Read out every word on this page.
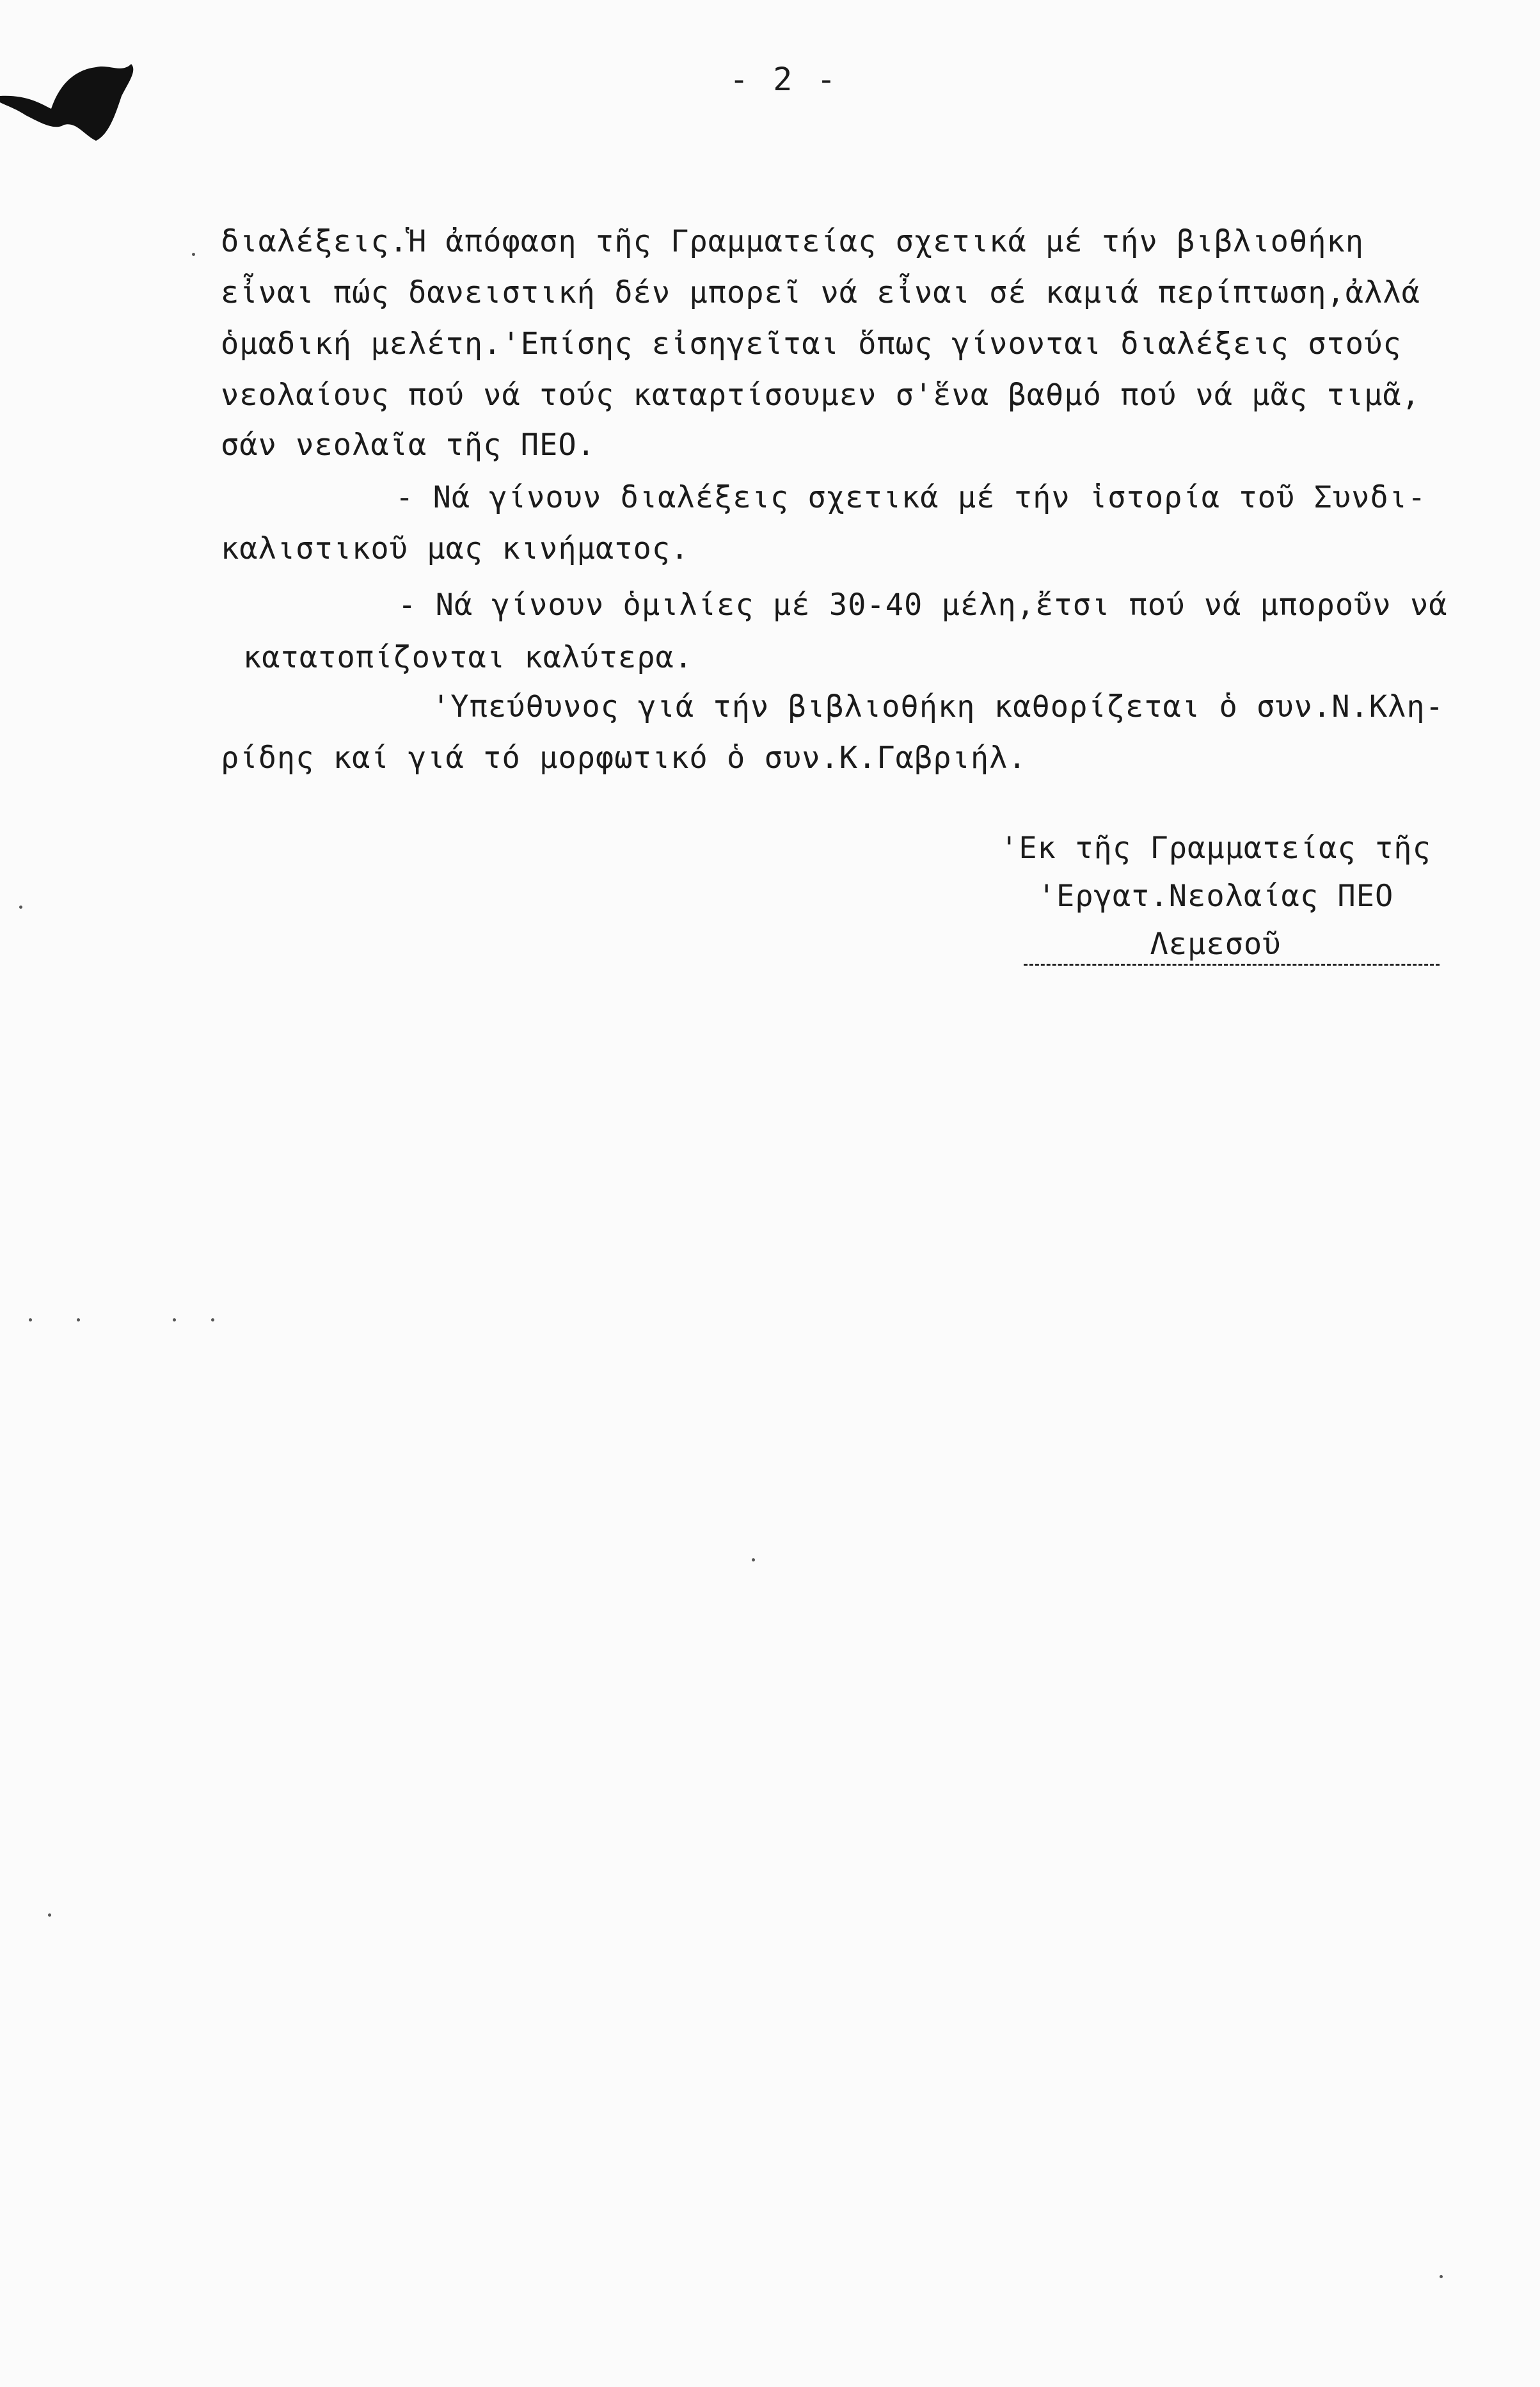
- 2 -
διαλέξεις.Ἡ ἀπόφαση τῆς Γραμματείας σχετικά μέ τήν βιβλιοθήκη
εἶναι πώς δανειστική δέν μπορεῖ νά εἶναι σέ καμιά περίπτωση,ἀλλά
ὁμαδική μελέτη.'Επίσης εἰσηγεῖται ὅπως γίνονται διαλέξεις στούς
νεολαίους πού νά τούς καταρτίσουμεν σ'ἕνα βαθμό πού νά μᾶς τιμᾶ,
σάν νεολαῖα τῆς ΠΕΟ.
- Νά γίνουν διαλέξεις σχετικά μέ τήν ἱστορία τοῦ Συνδι-
καλιστικοῦ μας κινήματος.
- Νά γίνουν ὁμιλίες μέ 30-40 μέλη,ἔτσι πού νά μποροῦν νά
κατατοπίζονται καλύτερα.
'Υπεύθυνος γιά τήν βιβλιοθήκη καθορίζεται ὁ συν.Ν.Κλη-
ρίδης καί γιά τό μορφωτικό ὁ συν.Κ.Γαβριήλ.
'Εκ τῆς Γραμματείας τῆς
'Εργατ.Νεολαίας ΠΕΟ
Λεμεσοῦ
